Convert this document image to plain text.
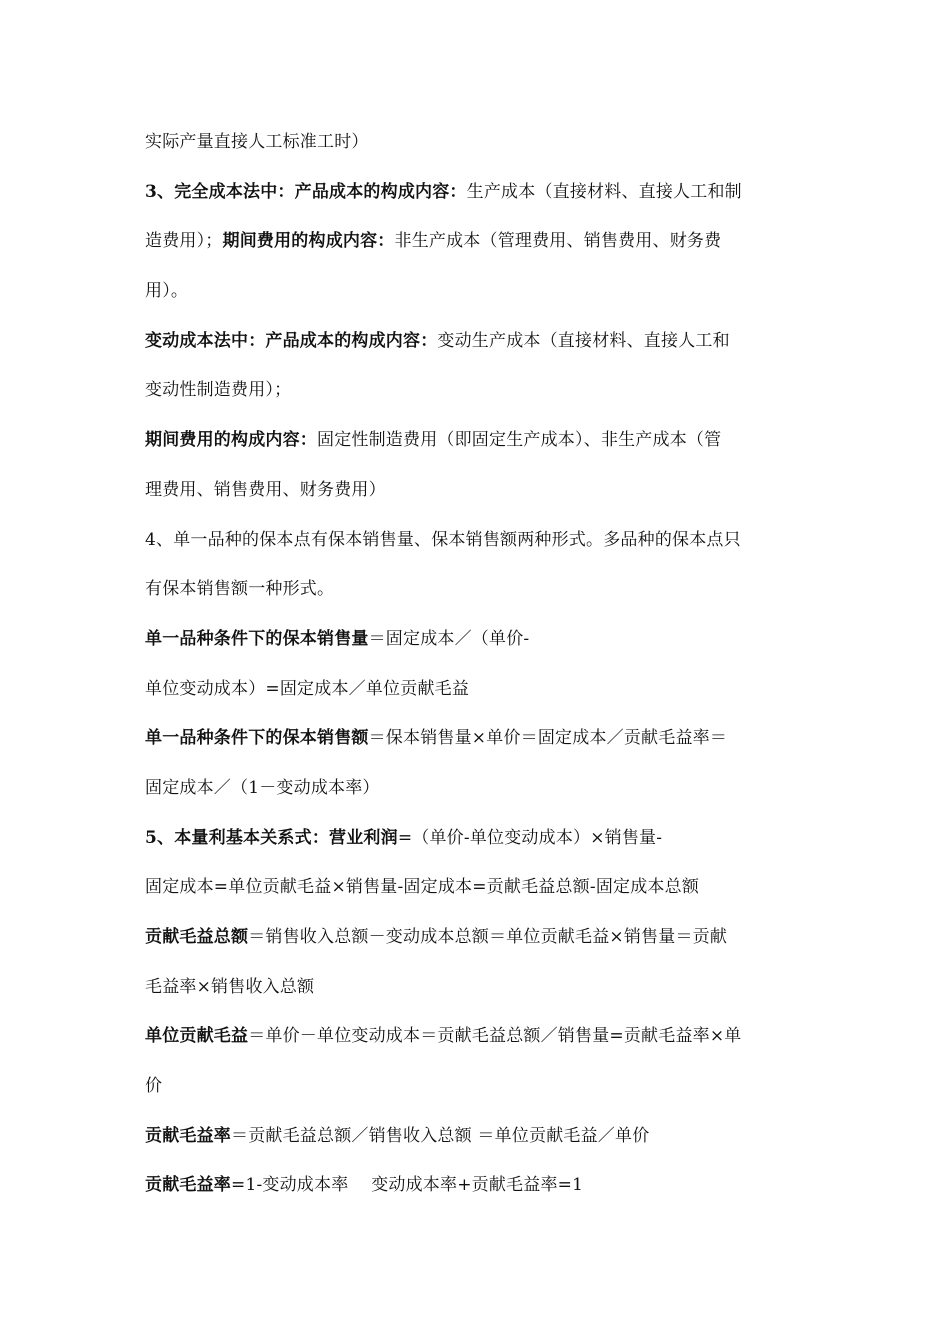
实际产量直接人工标准工时）
3、完全成本法中：产品成本的构成内容：生产成本（直接材料、直接人工和制
造费用）；期间费用的构成内容：非生产成本（管理费用、销售费用、财务费
用）。
变动成本法中：产品成本的构成内容：变动生产成本（直接材料、直接人工和
变动性制造费用）；
期间费用的构成内容：固定性制造费用（即固定生产成本）、非生产成本（管
理费用、销售费用、财务费用）
4、单一品种的保本点有保本销售量、保本销售额两种形式。多品种的保本点只
有保本销售额一种形式。
单一品种条件下的保本销售量＝固定成本／（单价-
单位变动成本）=固定成本／单位贡献毛益
单一品种条件下的保本销售额＝保本销售量×单价＝固定成本／贡献毛益率＝
固定成本／（1－变动成本率）
5、本量利基本关系式：营业利润=（单价-单位变动成本）×销售量-
固定成本=单位贡献毛益×销售量-固定成本=贡献毛益总额-固定成本总额
贡献毛益总额＝销售收入总额－变动成本总额＝单位贡献毛益×销售量＝贡献
毛益率×销售收入总额
单位贡献毛益＝单价－单位变动成本＝贡献毛益总额／销售量=贡献毛益率×单
价
贡献毛益率＝贡献毛益总额／销售收入总额 ＝单位贡献毛益／单价
贡献毛益率=1-变动成本率　 变动成本率+贡献毛益率=1
